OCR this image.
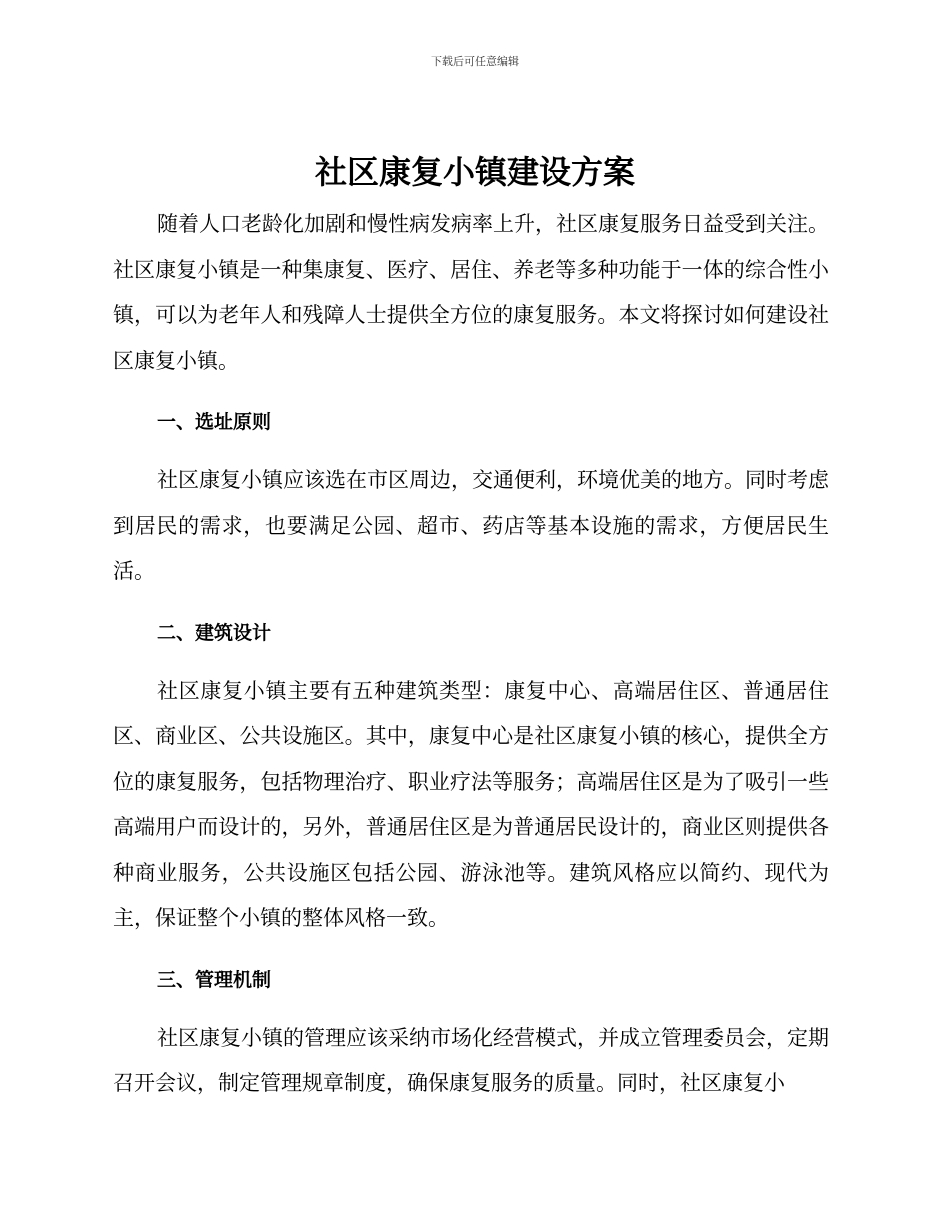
下载后可任意编辑
社区康复小镇建设方案

随着人口老龄化加剧和慢性病发病率上升，社区康复服务日益受到关注。社区康复小镇是一种集康复、医疗、居住、养老等多种功能于一体的综合性小镇，可以为老年人和残障人士提供全方位的康复服务。本文将探讨如何建设社区康复小镇。

一、选址原则

社区康复小镇应该选在市区周边，交通便利，环境优美的地方。同时考虑到居民的需求，也要满足公园、超市、药店等基本设施的需求，方便居民生活。

二、建筑设计

社区康复小镇主要有五种建筑类型：康复中心、高端居住区、普通居住区、商业区、公共设施区。其中，康复中心是社区康复小镇的核心，提供全方位的康复服务，包括物理治疗、职业疗法等服务；高端居住区是为了吸引一些高端用户而设计的，另外，普通居住区是为普通居民设计的，商业区则提供各种商业服务，公共设施区包括公园、游泳池等。建筑风格应以简约、现代为主，保证整个小镇的整体风格一致。

三、管理机制

社区康复小镇的管理应该采纳市场化经营模式，并成立管理委员会，定期召开会议，制定管理规章制度，确保康复服务的质量。同时，社区康复小
